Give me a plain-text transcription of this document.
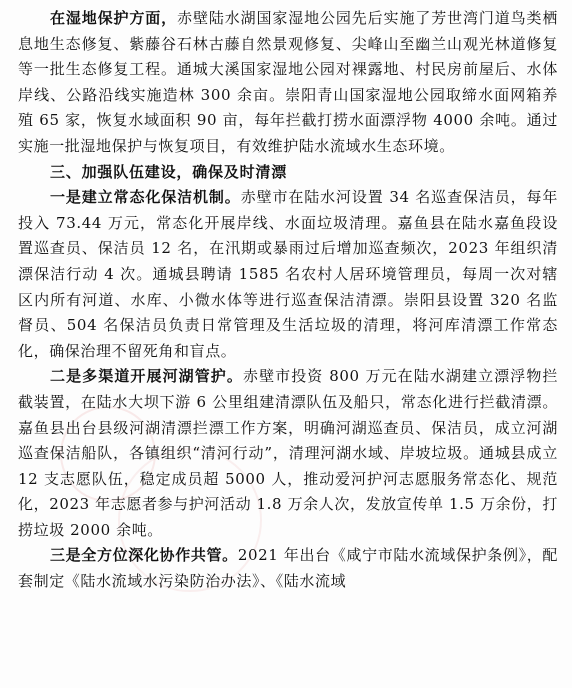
在湿地保护方面，赤壁陆水湖国家湿地公园先后实施了芳世湾门道鸟类栖息地生态修复、紫藤谷石林古藤自然景观修复、尖峰山至幽兰山观光林道修复等一批生态修复工程。通城大溪国家湿地公园对裸露地、村民房前屋后、水体岸线、公路沿线实施造林 300 余亩。崇阳青山国家湿地公园取缔水面网箱养殖 65 家，恢复水域面积 90 亩，每年拦截打捞水面漂浮物 4000 余吨。通过实施一批湿地保护与恢复项目，有效维护陆水流域水生态环境。

三、加强队伍建设，确保及时清漂

一是建立常态化保洁机制。赤壁市在陆水河设置 34 名巡查保洁员，每年投入 73.44 万元，常态化开展岸线、水面垃圾清理。嘉鱼县在陆水嘉鱼段设置巡查员、保洁员 12 名，在汛期或暴雨过后增加巡查频次，2023 年组织清漂保洁行动 4 次。通城县聘请 1585 名农村人居环境管理员，每周一次对辖区内所有河道、水库、小微水体等进行巡查保洁清漂。崇阳县设置 320 名监督员、504 名保洁员负责日常管理及生活垃圾的清理，将河库清漂工作常态化，确保治理不留死角和盲点。

二是多渠道开展河湖管护。赤壁市投资 800 万元在陆水湖建立漂浮物拦截装置，在陆水大坝下游 6 公里组建清漂队伍及船只，常态化进行拦截清漂。嘉鱼县出台县级河湖清漂拦漂工作方案，明确河湖巡查员、保洁员，成立河湖巡查保洁船队，各镇组织“清河行动”，清理河湖水域、岸坡垃圾。通城县成立 12 支志愿队伍，稳定成员超 5000 人，推动爱河护河志愿服务常态化、规范化，2023 年志愿者参与护河活动 1.8 万余人次，发放宣传单 1.5 万余份，打捞垃圾 2000 余吨。

三是全方位深化协作共管。2021 年出台《咸宁市陆水流域保护条例》，配套制定《陆水流域水污染防治办法》、《陆水流域
